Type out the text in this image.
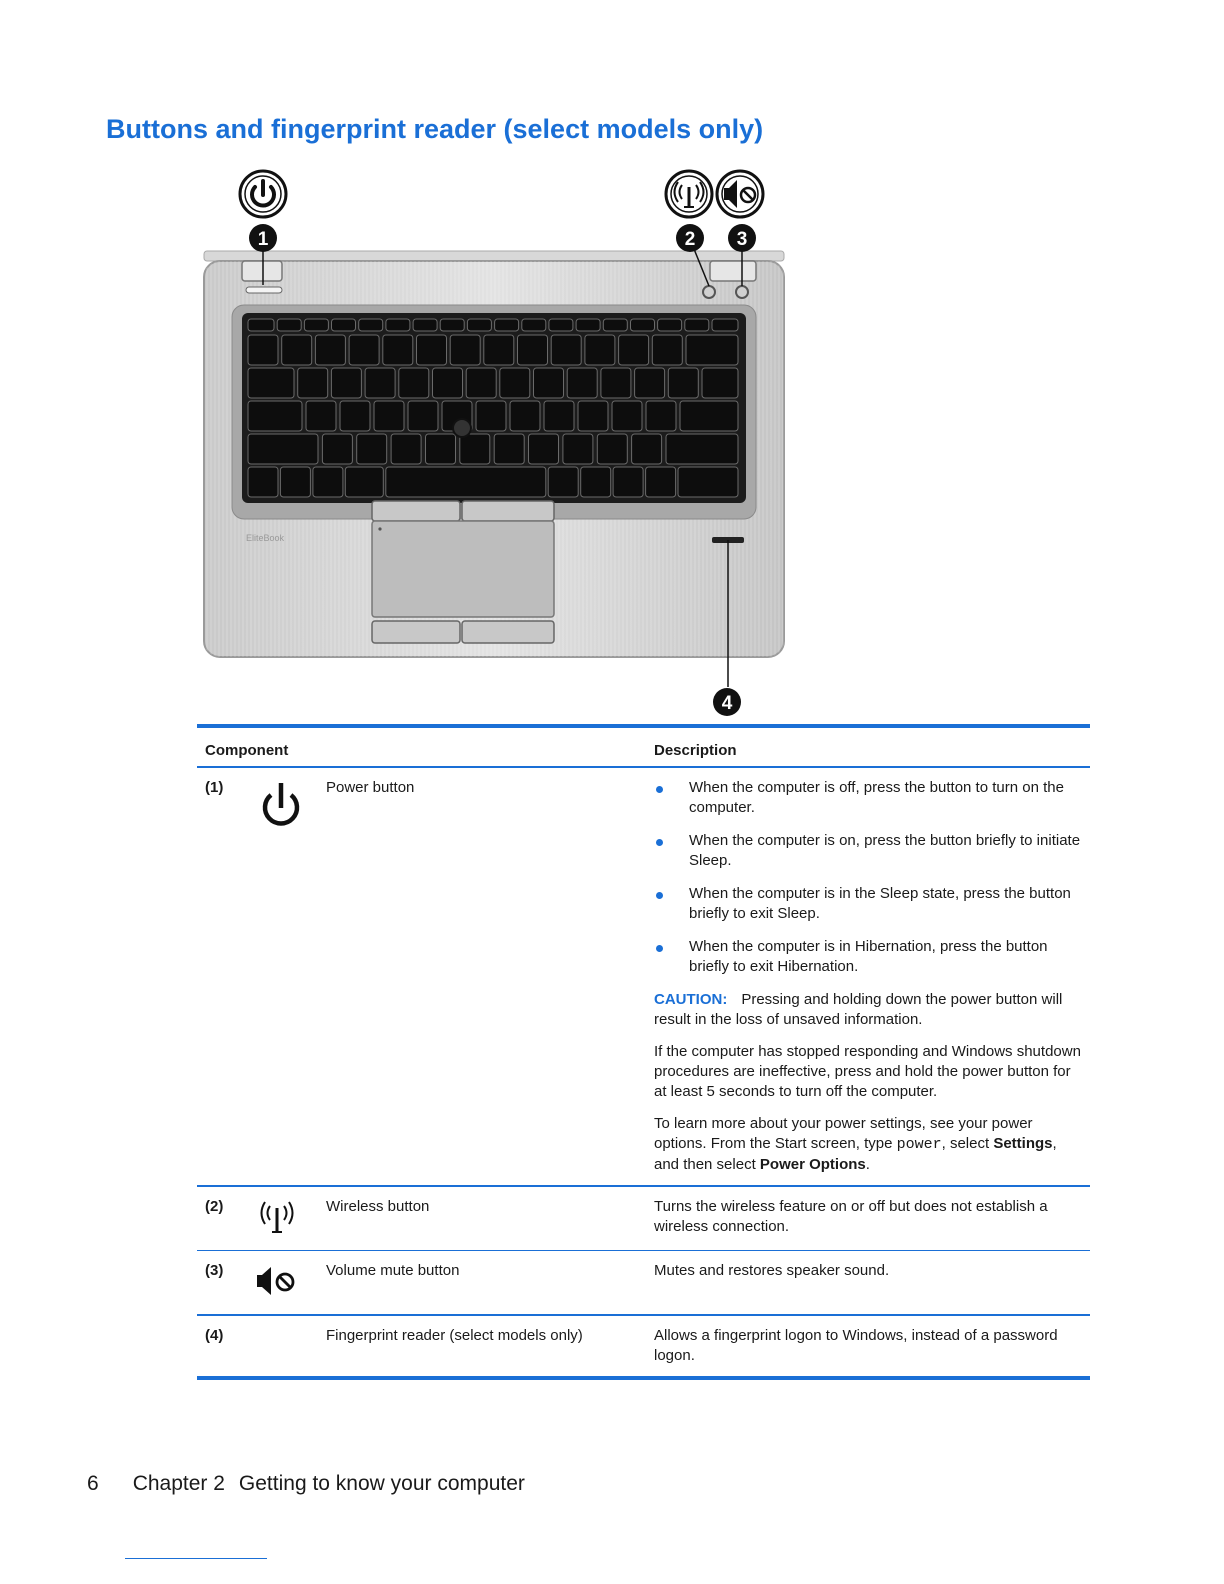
Buttons and fingerprint reader (select models only)
EliteBook
1	2 3
4
Component	Description
(1)	Power button	When the computer is off, press the button to turn on the computer.
When the computer is on, press the button briefly to initiate Sleep.
When the computer is in the Sleep state, press the button briefly to exit Sleep.
When the computer is in Hibernation, press the button briefly to exit Hibernation.

CAUTION: Pressing and holding down the power button will result in the loss of unsaved information.

If the computer has stopped responding and Windows shutdown procedures are ineffective, press and hold the power button for at least 5 seconds to turn off the computer.

To learn more about your power settings, see your power options. From the Start screen, type power, select Settings, and then select Power Options.

(2)	Wireless button	Turns the wireless feature on or off but does not establish a wireless connection.
(3)	Volume mute button	Mutes and restores speaker sound.
(4)	Fingerprint reader (select models only)	Allows a fingerprint logon to Windows, instead of a password logon.
6 Chapter 2 Getting to know your computer
